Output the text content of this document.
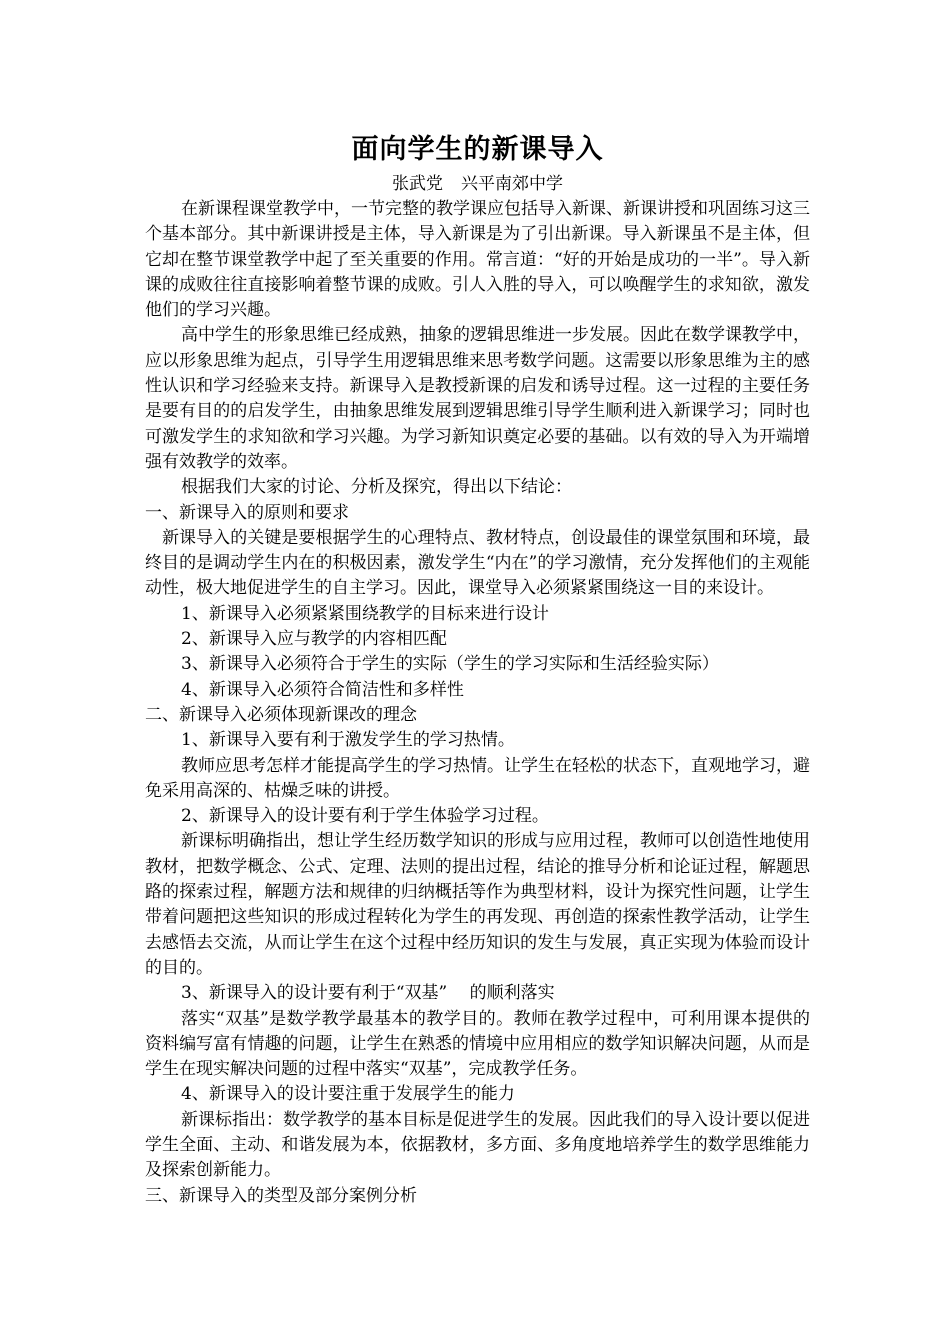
面向学生的新课导入

张武党 兴平南郊中学

在新课程课堂教学中，一节完整的教学课应包括导入新课、新课讲授和巩固练习这三个基本部分。其中新课讲授是主体，导入新课是为了引出新课。导入新课虽不是主体，但它却在整节课堂教学中起了至关重要的作用。常言道：“好的开始是成功的一半”。导入新课的成败往往直接影响着整节课的成败。引人入胜的导入，可以唤醒学生的求知欲，激发他们的学习兴趣。

高中学生的形象思维已经成熟，抽象的逻辑思维进一步发展。因此在数学课教学中，应以形象思维为起点，引导学生用逻辑思维来思考数学问题。这需要以形象思维为主的感性认识和学习经验来支持。新课导入是教授新课的启发和诱导过程。这一过程的主要任务是要有目的的启发学生，由抽象思维发展到逻辑思维引导学生顺利进入新课学习；同时也可激发学生的求知欲和学习兴趣。为学习新知识奠定必要的基础。以有效的导入为开端增强有效教学的效率。

根据我们大家的讨论、分析及探究，得出以下结论：

一、新课导入的原则和要求

新课导入的关键是要根据学生的心理特点、教材特点，创设最佳的课堂氛围和环境，最终目的是调动学生内在的积极因素，激发学生“内在”的学习激情，充分发挥他们的主观能动性，极大地促进学生的自主学习。因此，课堂导入必须紧紧围绕这一目的来设计。

1、新课导入必须紧紧围绕教学的目标来进行设计

2、新课导入应与教学的内容相匹配

3、新课导入必须符合于学生的实际（学生的学习实际和生活经验实际）

4、新课导入必须符合简洁性和多样性

二、新课导入必须体现新课改的理念

1、新课导入要有利于激发学生的学习热情。

教师应思考怎样才能提高学生的学习热情。让学生在轻松的状态下，直观地学习，避免采用高深的、枯燥乏味的讲授。

2、新课导入的设计要有利于学生体验学习过程。

新课标明确指出，想让学生经历数学知识的形成与应用过程，教师可以创造性地使用教材，把数学概念、公式、定理、法则的提出过程，结论的推导分析和论证过程，解题思路的探索过程，解题方法和规律的归纳概括等作为典型材料，设计为探究性问题，让学生带着问题把这些知识的形成过程转化为学生的再发现、再创造的探索性教学活动，让学生去感悟去交流，从而让学生在这个过程中经历知识的发生与发展，真正实现为体验而设计的目的。

3、新课导入的设计要有利于“双基”　 的顺利落实

落实“双基”是数学教学最基本的教学目的。教师在教学过程中，可利用课本提供的资料编写富有情趣的问题，让学生在熟悉的情境中应用相应的数学知识解决问题，从而是学生在现实解决问题的过程中落实“双基”，完成教学任务。

4、新课导入的设计要注重于发展学生的能力

新课标指出：数学教学的基本目标是促进学生的发展。因此我们的导入设计要以促进学生全面、主动、和谐发展为本，依据教材，多方面、多角度地培养学生的数学思维能力及探索创新能力。

三、新课导入的类型及部分案例分析
